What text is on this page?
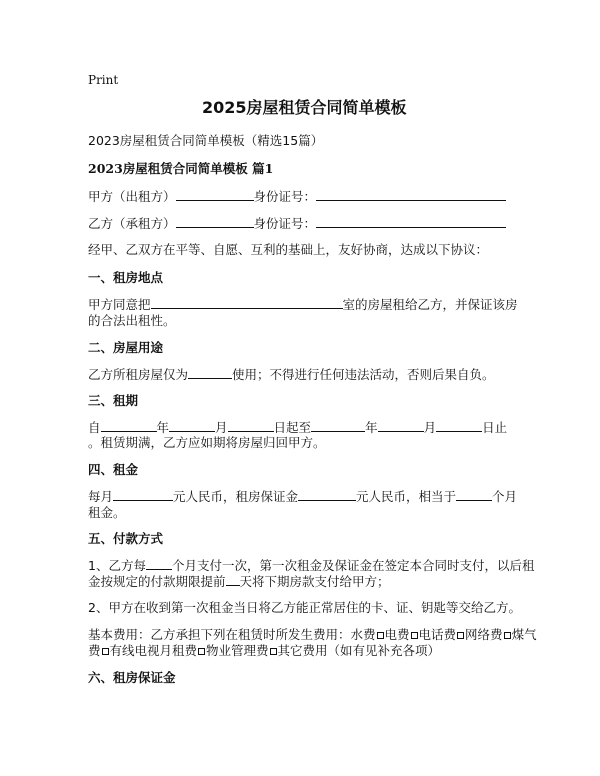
Print
2025房屋租赁合同简单模板
2023房屋租赁合同简单模板（精选15篇）
2023房屋租赁合同简单模板 篇1
甲方（出租方）	身份证号：
乙方（承租方）	身份证号：
经甲、乙双方在平等、自愿、互利的基础上，友好协商，达成以下协议：
一、租房地点
甲方同意把	室的房屋租给乙方，并保证该房
的合法出租性。
二、房屋用途
乙方所租房屋仅为	使用；不得进行任何违法活动，否则后果自负。
三、租期
自	年	月	日起至	年	月	日止
。租赁期满，乙方应如期将房屋归回甲方。
四、租金
每月	元人民币，租房保证金	元人民币，相当于	个月
租金。
五、付款方式
1、乙方每 个月支付一次，第一次租金及保证金在签定本合同时支付，以后租
金按规定的付款期限提前 天将下期房款支付给甲方；
2、甲方在收到第一次租金当日将乙方能正常居住的卡、证、钥匙等交给乙方。
基本费用：乙方承担下列在租赁时所发生费用：水费 电费 电话费 网络费 煤气
费 有线电视月租费 物业管理费 其它费用（如有见补充各项）
六、租房保证金
